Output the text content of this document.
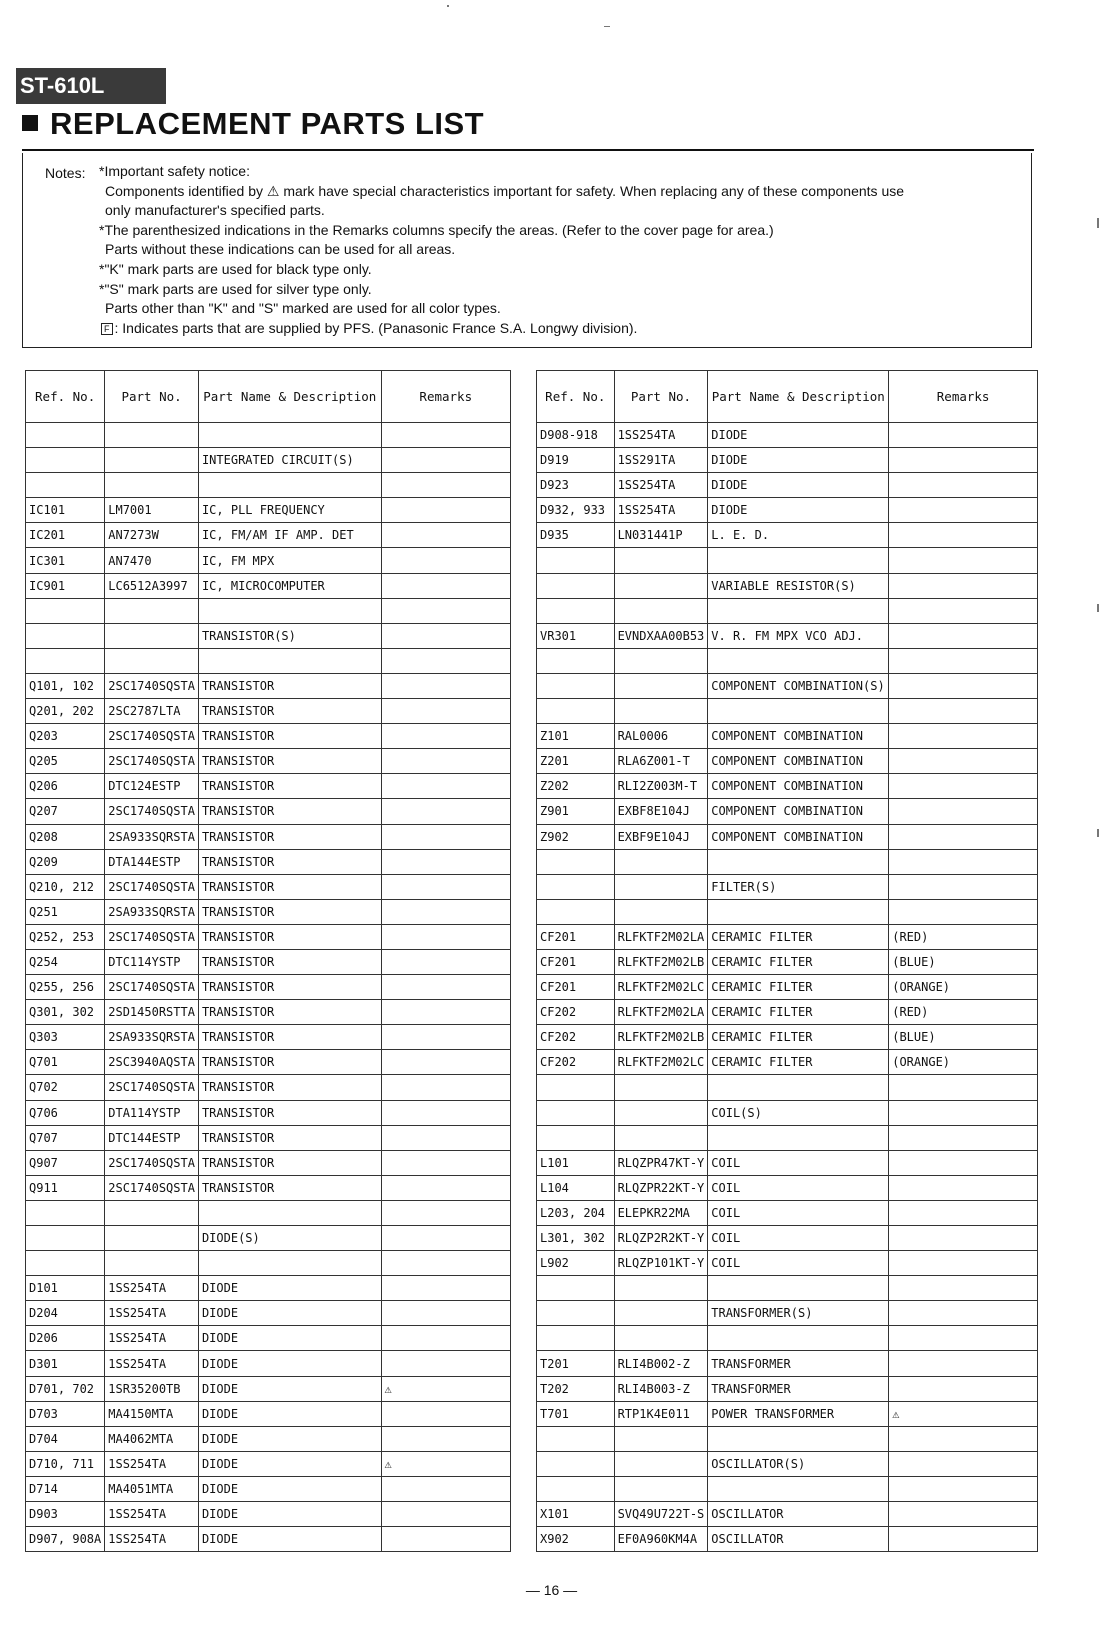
ST-610L
REPLACEMENT PARTS LIST
Notes: *Important safety notice:
Components identified by ⚠ mark have special characteristics important for safety. When replacing any of these components use
only manufacturer's specified parts.
*The parenthesized indications in the Remarks columns specify the areas. (Refer to the cover page for area.)
Parts without these indications can be used for all areas.
*"K" mark parts are used for black type only.
*"S" mark parts are used for silver type only.
Parts other than "K" and "S" marked are used for all color types.
F : Indicates parts that are supplied by PFS. (Panasonic France S.A. Longwy division).
Ref. No.	Part No.	Part Name & Description	Remarks

		INTEGRATED CIRCUIT(S)	

IC101	LM7001	IC, PLL FREQUENCY	
IC201	AN7273W	IC, FM/AM IF AMP. DET	
IC301	AN7470	IC, FM MPX	
IC901	LC6512A3997	IC, MICROCOMPUTER	

		TRANSISTOR(S)	

Q101, 102	2SC1740SQSTA	TRANSISTOR	
Q201, 202	2SC2787LTA	TRANSISTOR	
Q203	2SC1740SQSTA	TRANSISTOR	
Q205	2SC1740SQSTA	TRANSISTOR	
Q206	DTC124ESTP	TRANSISTOR	
Q207	2SC1740SQSTA	TRANSISTOR	
Q208	2SA933SQRSTA	TRANSISTOR	
Q209	DTA144ESTP	TRANSISTOR	
Q210, 212	2SC1740SQSTA	TRANSISTOR	
Q251	2SA933SQRSTA	TRANSISTOR	
Q252, 253	2SC1740SQSTA	TRANSISTOR	
Q254	DTC114YSTP	TRANSISTOR	
Q255, 256	2SC1740SQSTA	TRANSISTOR	
Q301, 302	2SD1450RSTTA	TRANSISTOR	
Q303	2SA933SQRSTA	TRANSISTOR	
Q701	2SC3940AQSTA	TRANSISTOR	
Q702	2SC1740SQSTA	TRANSISTOR	
Q706	DTA114YSTP	TRANSISTOR	
Q707	DTC144ESTP	TRANSISTOR	
Q907	2SC1740SQSTA	TRANSISTOR	
Q911	2SC1740SQSTA	TRANSISTOR	

		DIODE(S)	

D101	1SS254TA	DIODE	
D204	1SS254TA	DIODE	
D206	1SS254TA	DIODE	
D301	1SS254TA	DIODE	
D701, 702	1SR35200TB	DIODE	⚠
D703	MA4150MTA	DIODE	
D704	MA4062MTA	DIODE	
D710, 711	1SS254TA	DIODE	⚠
D714	MA4051MTA	DIODE	
D903	1SS254TA	DIODE	
D907, 908A	1SS254TA	DIODE	
Ref. No.	Part No.	Part Name & Description	Remarks
D908-918	1SS254TA	DIODE	
D919	1SS291TA	DIODE	
D923	1SS254TA	DIODE	
D932, 933	1SS254TA	DIODE	
D935	LN031441P	L. E. D.	

		VARIABLE RESISTOR(S)	

VR301	EVNDXAA00B53	V. R. FM MPX VCO ADJ.	

		COMPONENT COMBINATION(S)	

Z101	RAL0006	COMPONENT COMBINATION	
Z201	RLA6Z001-T	COMPONENT COMBINATION	
Z202	RLI2Z003M-T	COMPONENT COMBINATION	
Z901	EXBF8E104J	COMPONENT COMBINATION	
Z902	EXBF9E104J	COMPONENT COMBINATION	

		FILTER(S)	

CF201	RLFKTF2M02LA	CERAMIC FILTER	(RED)
CF201	RLFKTF2M02LB	CERAMIC FILTER	(BLUE)
CF201	RLFKTF2M02LC	CERAMIC FILTER	(ORANGE)
CF202	RLFKTF2M02LA	CERAMIC FILTER	(RED)
CF202	RLFKTF2M02LB	CERAMIC FILTER	(BLUE)
CF202	RLFKTF2M02LC	CERAMIC FILTER	(ORANGE)

		COIL(S)	

L101	RLQZPR47KT-Y	COIL	
L104	RLQZPR22KT-Y	COIL	
L203, 204	ELEPKR22MA	COIL	
L301, 302	RLQZP2R2KT-Y	COIL	
L902	RLQZP101KT-Y	COIL	

		TRANSFORMER(S)	

T201	RLI4B002-Z	TRANSFORMER	
T202	RLI4B003-Z	TRANSFORMER	
T701	RTP1K4E011	POWER TRANSFORMER	⚠

		OSCILLATOR(S)	

X101	SVQ49U722T-S	OSCILLATOR	
X902	EF0A960KM4A	OSCILLATOR	
— 16 —
